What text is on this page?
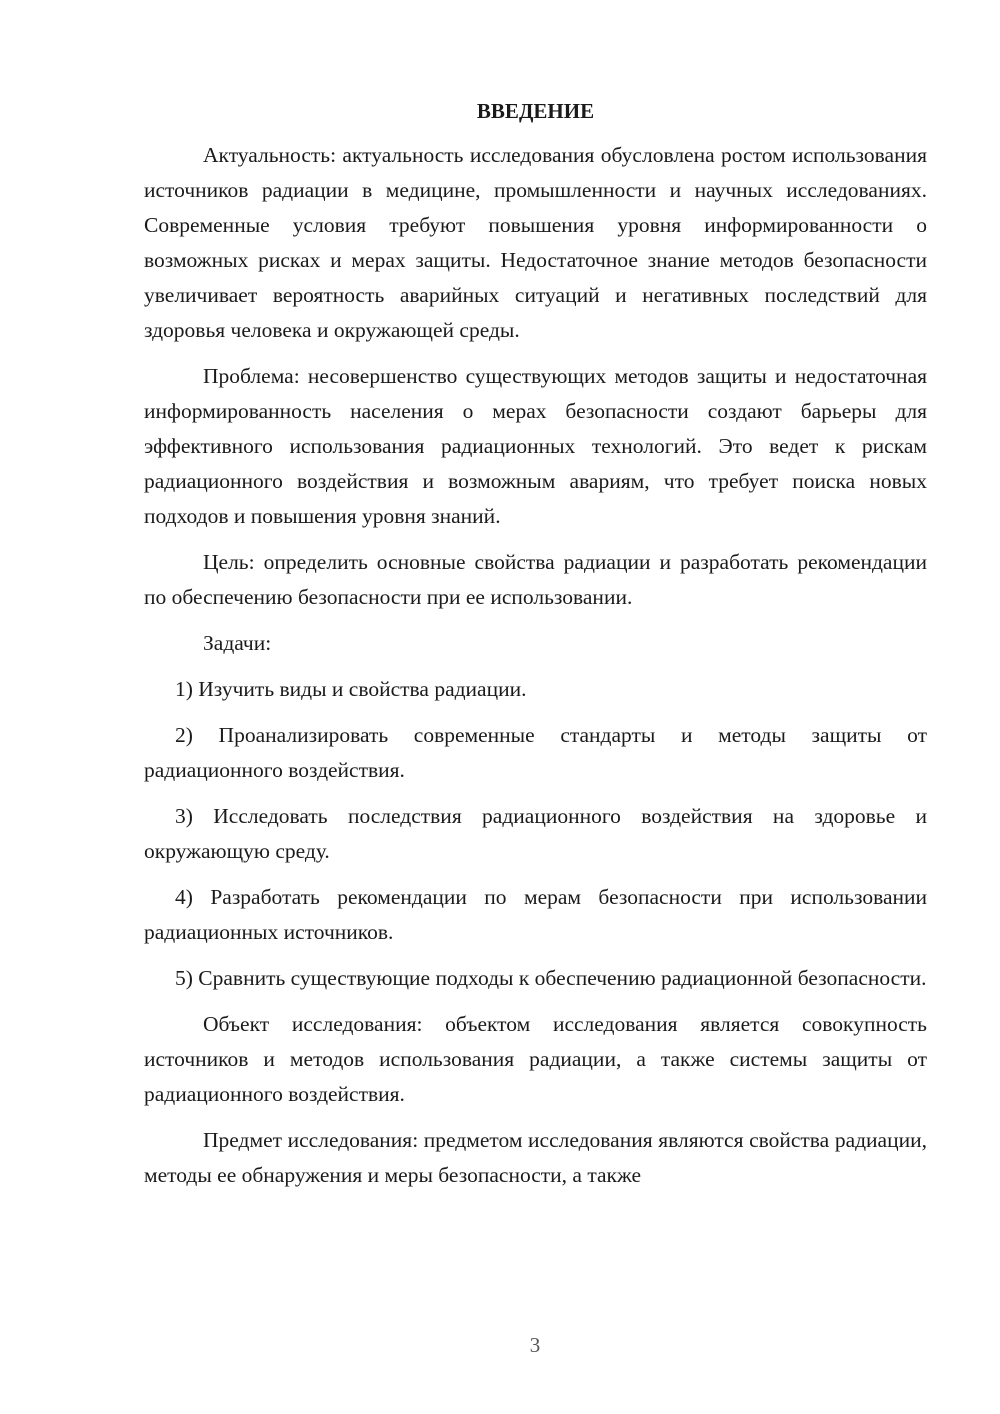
ВВЕДЕНИЕ

Актуальность: актуальность исследования обусловлена ростом использования источников радиации в медицине, промышленности и научных исследованиях. Современные условия требуют повышения уровня информированности о возможных рисках и мерах защиты. Недостаточное знание методов безопасности увеличивает вероятность аварийных ситуаций и негативных последствий для здоровья человека и окружающей среды.

Проблема: несовершенство существующих методов защиты и недостаточная информированность населения о мерах безопасности создают барьеры для эффективного использования радиационных технологий. Это ведет к рискам радиационного воздействия и возможным авариям, что требует поиска новых подходов и повышения уровня знаний.

Цель: определить основные свойства радиации и разработать рекомендации по обеспечению безопасности при ее использовании.

Задачи:

1) Изучить виды и свойства радиации.

2) Проанализировать современные стандарты и методы защиты от радиационного воздействия.

3) Исследовать последствия радиационного воздействия на здоровье и окружающую среду.

4) Разработать рекомендации по мерам безопасности при использовании радиационных источников.

5) Сравнить существующие подходы к обеспечению радиационной безопасности.

Объект исследования: объектом исследования является совокупность источников и методов использования радиации, а также системы защиты от радиационного воздействия.

Предмет исследования: предметом исследования являются свойства радиации, методы ее обнаружения и меры безопасности, а также

3
